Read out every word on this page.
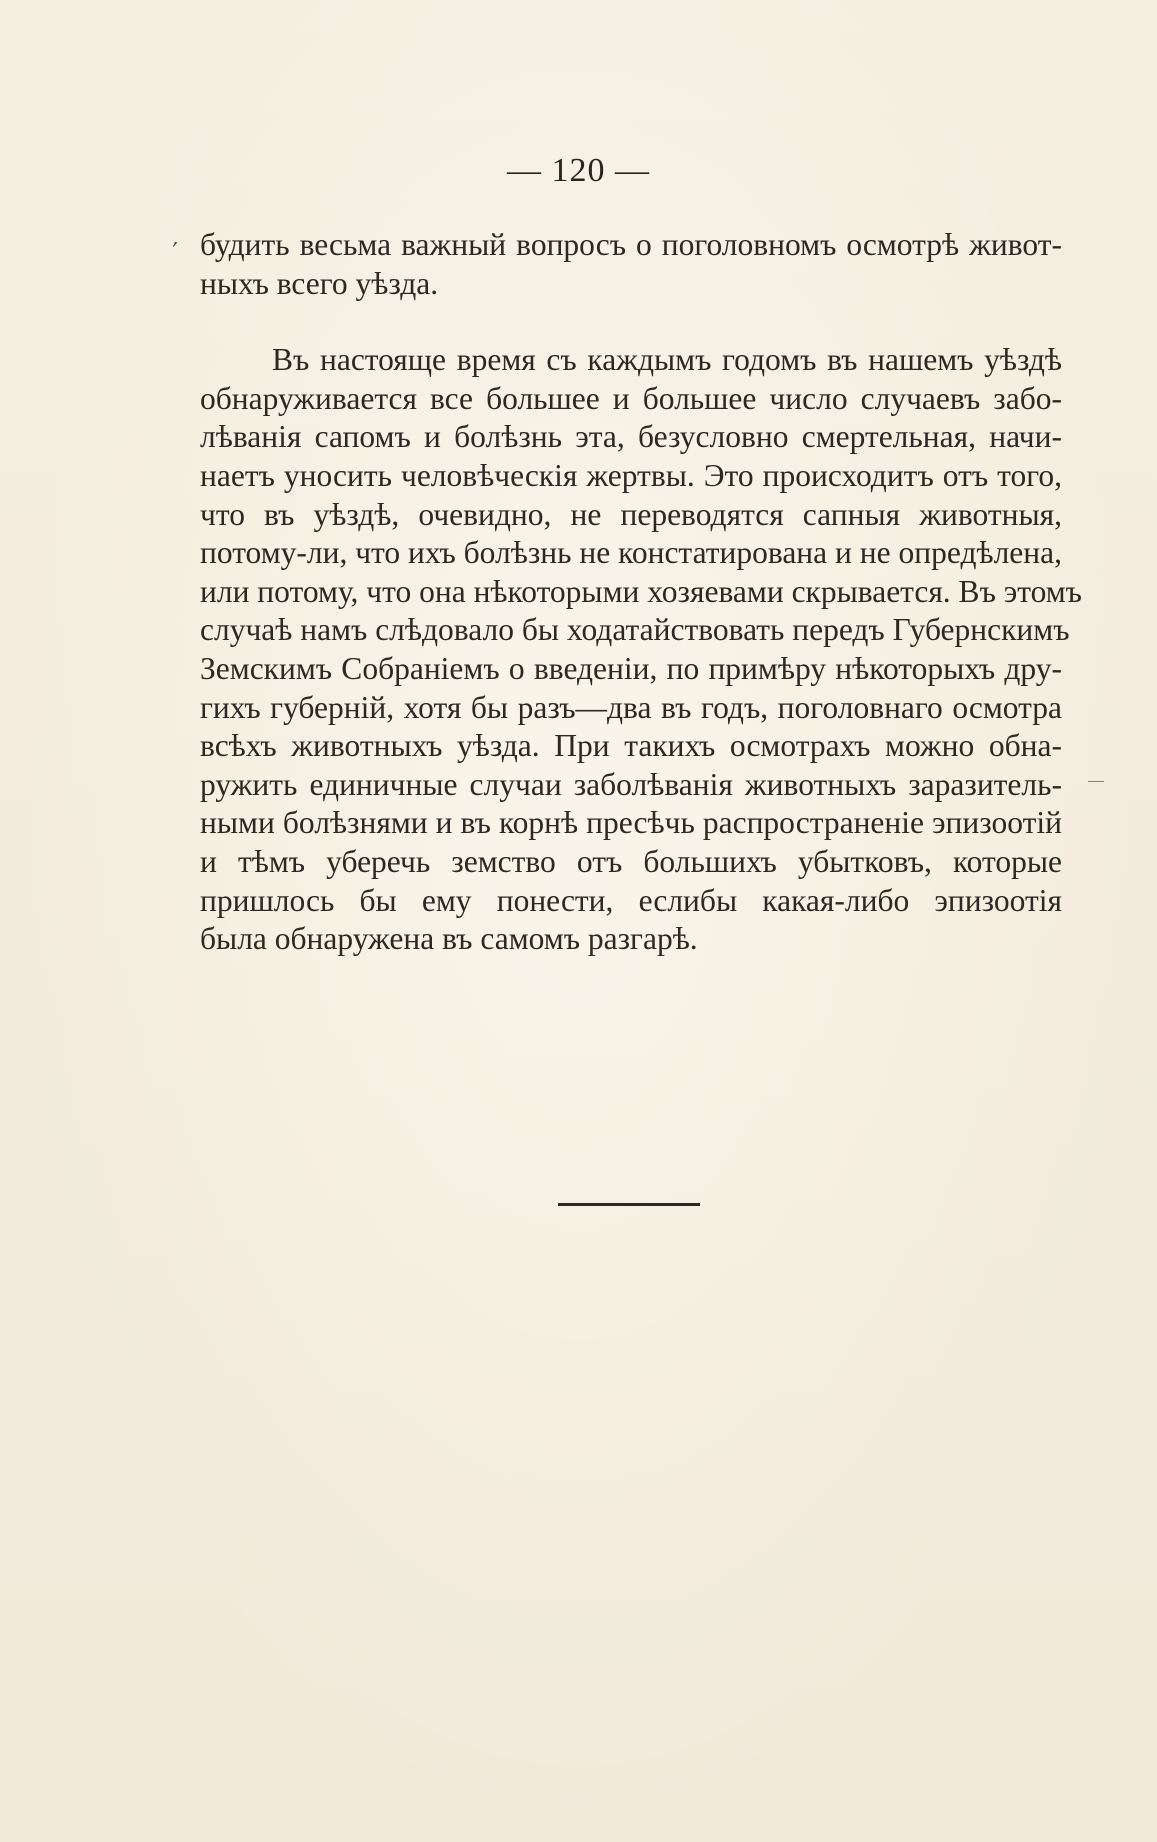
— 120 —
′ будить весьма важный вопросъ о поголовномъ осмотрѣ живот-
ныхъ всего уѣзда.
Въ настояще время съ каждымъ годомъ въ нашемъ уѣздѣ
обнаруживается все большее и большее число случаевъ забо-
лѣванія сапомъ и болѣзнь эта, безусловно смертельная, начи-
наетъ уносить человѣческія жертвы. Это происходитъ отъ того,
что въ уѣздѣ, очевидно, не переводятся сапныя животныя,
потому-ли, что ихъ болѣзнь не констатирована и не опредѣлена,
или потому, что она нѣкоторыми хозяевами скрывается. Въ этомъ
случаѣ намъ слѣдовало бы ходатайствовать передъ Губернскимъ
Земскимъ Собраніемъ о введеніи, по примѣру нѣкоторыхъ дру-
гихъ губерній, хотя бы разъ—два въ годъ, поголовнаго осмотра
всѣхъ животныхъ уѣзда. При такихъ осмотрахъ можно обна-
ружить единичные случаи заболѣванія животныхъ заразитель-
ными болѣзнями и въ корнѣ пресѣчь распространеніе эпизоотій
и тѣмъ уберечь земство отъ большихъ убытковъ, которые
пришлось бы ему понести, еслибы какая-либо эпизоотія
была обнаружена въ самомъ разгарѣ.
